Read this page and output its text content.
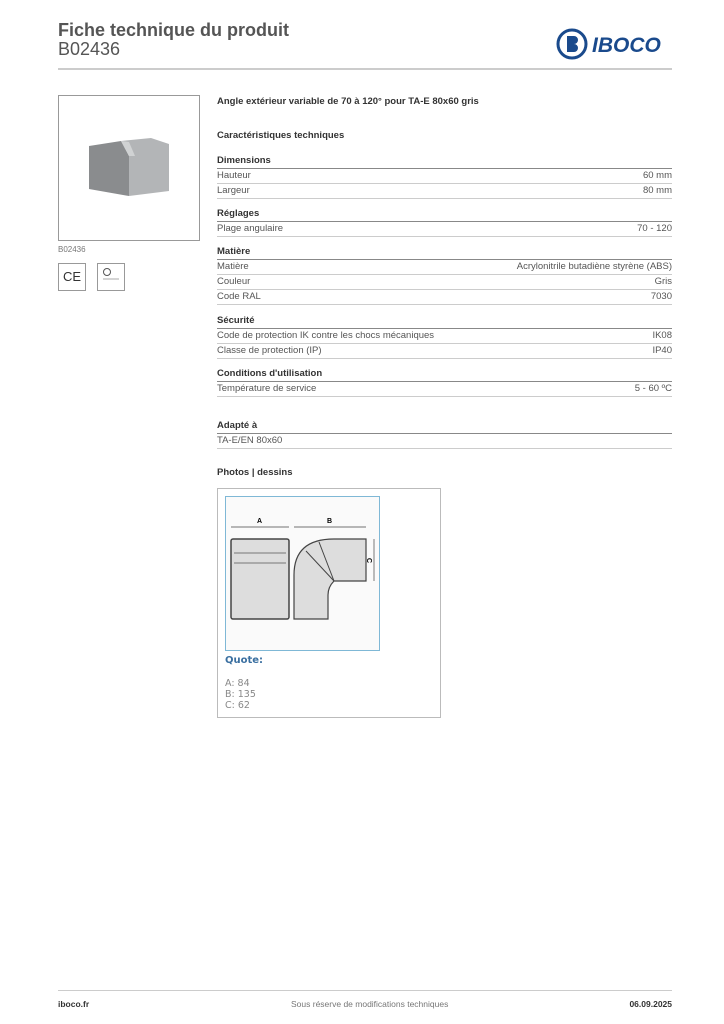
Fiche technique du produit
B02436	IBOCO
B02436
CE
Angle extérieur variable de 70 à 120° pour TA-E 80x60 gris
Caractéristiques techniques
Dimensions
Hauteur	60 mm
Largeur	80 mm
Réglages
Plage angulaire	70 - 120
Matière
Matière	Acrylonitrile butadiène styrène (ABS)
Couleur	Gris
Code RAL	7030
Sécurité
Code de protection IK contre les chocs mécaniques	IK08
Classe de protection (IP)	IP40
Conditions d'utilisation
Température de service	5 - 60 ºC
Adapté à
TA-E/EN 80x60
Photos | dessins
A	B
C
Quote:
A: 84
B: 135
C: 62
iboco.fr	Sous réserve de modifications techniques	06.09.2025
